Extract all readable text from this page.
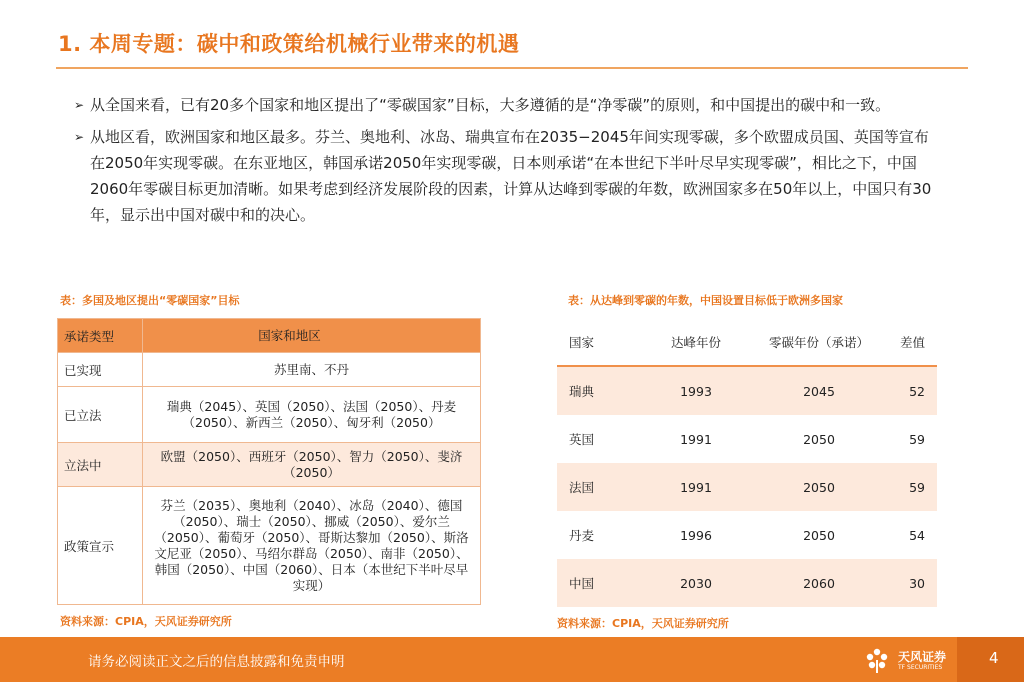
1. 本周专题：碳中和政策给机械行业带来的机遇
➢ 从全国来看，已有20多个国家和地区提出了“零碳国家”目标，大多遵循的是“净零碳”的原则，和中国提出的碳中和一致。
➢ 从地区看，欧洲国家和地区最多。芬兰、奥地利、冰岛、瑞典宣布在2035−2045年间实现零碳，多个欧盟成员国、英国等宣布在2050年实现零碳。在东亚地区，韩国承诺2050年实现零碳，日本则承诺“在本世纪下半叶尽早实现零碳”，相比之下，中国2060年零碳目标更加清晰。如果考虑到经济发展阶段的因素，计算从达峰到零碳的年数，欧洲国家多在50年以上，中国只有30年，显示出中国对碳中和的决心。
表：多国及地区提出“零碳国家”目标
承诺类型	国家和地区
已实现	苏里南、不丹
已立法	瑞典（2045）、英国（2050）、法国（2050）、丹麦（2050）、新西兰（2050）、匈牙利（2050）
立法中	欧盟（2050）、西班牙（2050）、智力（2050）、斐济（2050）
政策宣示	芬兰（2035）、奥地利（2040）、冰岛（2040）、德国（2050）、瑞士（2050）、挪威（2050）、爱尔兰（2050）、葡萄牙（2050）、哥斯达黎加（2050）、斯洛文尼亚（2050）、马绍尔群岛（2050）、南非（2050）、韩国（2050）、中国（2060）、日本（本世纪下半叶尽早实现）
资料来源：CPIA，天风证券研究所
表：从达峰到零碳的年数，中国设置目标低于欧洲多国家
国家	达峰年份	零碳年份（承诺）	差值
瑞典	1993	2045	52
英国	1991	2050	59
法国	1991	2050	59
丹麦	1996	2050	54
中国	2030	2060	30
资料来源：CPIA，天风证券研究所
请务必阅读正文之后的信息披露和免责申明	天风证券
TF SECURITIES
4
